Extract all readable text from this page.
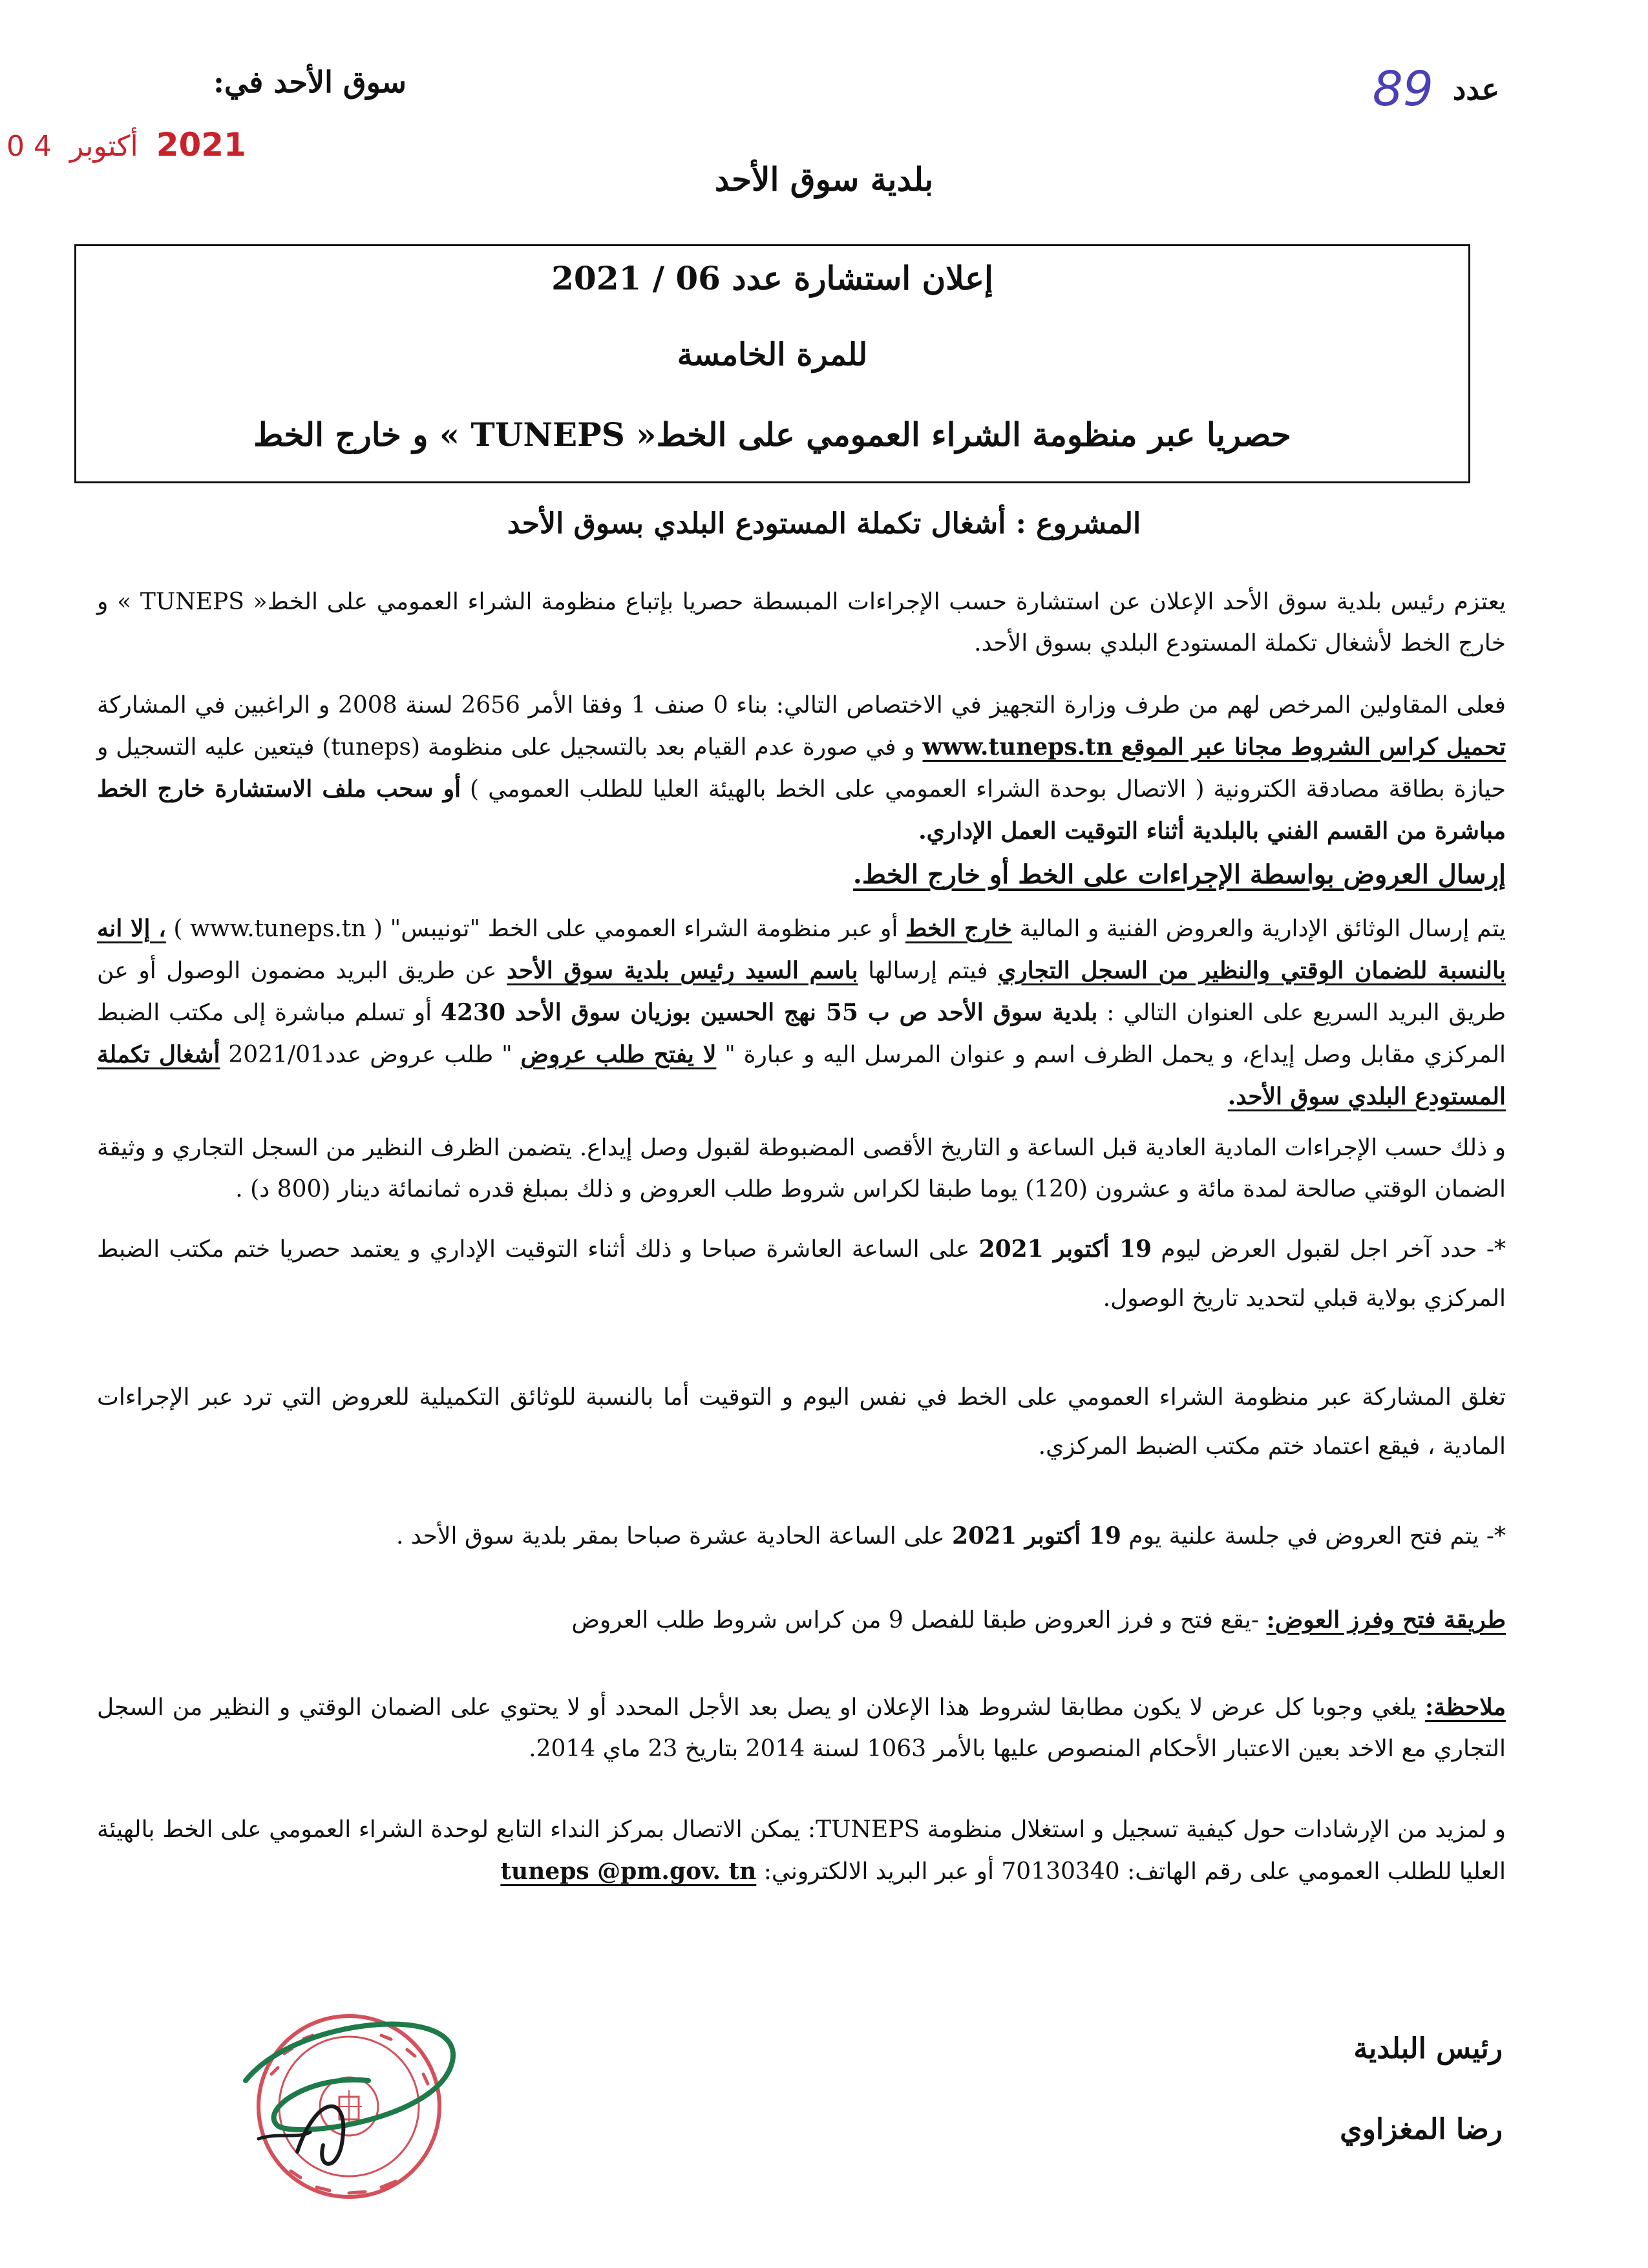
عدد
89
سوق الأحد في:
2021
أكتوبر
0 4
بلدية سوق الأحد
إعلان استشارة عدد 06 / 2021
للمرة الخامسة
حصريا عبر منظومة الشراء العمومي على الخط« TUNEPS » و خارج الخط
المشروع : أشغال تكملة المستودع البلدي بسوق الأحد
يعتزم رئيس بلدية سوق الأحد الإعلان عن استشارة حسب الإجراءات المبسطة حصريا بإتباع منظومة الشراء العمومي على الخط« TUNEPS » و خارج الخط لأشغال تكملة المستودع البلدي بسوق الأحد.
فعلى المقاولين المرخص لهم من طرف وزارة التجهيز في الاختصاص التالي: بناء 0 صنف 1 وفقا الأمر 2656 لسنة 2008 و الراغبين في المشاركة تحميل كراس الشروط مجانا عبر الموقع www.tuneps.tn و في صورة عدم القيام بعد بالتسجيل على منظومة (tuneps) فيتعين عليه التسجيل و حيازة بطاقة مصادقة الكترونية ( الاتصال بوحدة الشراء العمومي على الخط بالهيئة العليا للطلب العمومي ) أو سحب ملف الاستشارة خارج الخط مباشرة من القسم الفني بالبلدية أثناء التوقيت العمل الإداري.
إرسال العروض بواسطة الإجراءات على الخط أو خارج الخط.
يتم إرسال الوثائق الإدارية والعروض الفنية و المالية خارج الخط أو عبر منظومة الشراء العمومي على الخط "تونيبس" ( www.tuneps.tn ) ، إلا انه بالنسبة للضمان الوقتي والنظير من السجل التجاري فيتم إرسالها باسم السيد رئيس بلدية سوق الأحد عن طريق البريد مضمون الوصول أو عن طريق البريد السريع على العنوان التالي : بلدية سوق الأحد ص ب 55 نهج الحسين بوزيان سوق الأحد 4230 أو تسلم مباشرة إلى مكتب الضبط المركزي مقابل وصل إيداع، و يحمل الظرف اسم و عنوان المرسل اليه و عبارة " لا يفتح طلب عروض " طلب عروض عدد2021/01 أشغال تكملة المستودع البلدي سوق الأحد.
و ذلك حسب الإجراءات المادية العادية قبل الساعة و التاريخ الأقصى المضبوطة لقبول وصل إيداع. يتضمن الظرف النظير من السجل التجاري و وثيقة الضمان الوقتي صالحة لمدة مائة و عشرون (120) يوما طبقا لكراس شروط طلب العروض و ذلك بمبلغ قدره ثمانمائة دينار (800 د) .
*- حدد آخر اجل لقبول العرض ليوم 19 أكتوبر 2021 على الساعة العاشرة صباحا و ذلك أثناء التوقيت الإداري و يعتمد حصريا ختم مكتب الضبط المركزي بولاية قبلي لتحديد تاريخ الوصول.
تغلق المشاركة عبر منظومة الشراء العمومي على الخط في نفس اليوم و التوقيت أما بالنسبة للوثائق التكميلية للعروض التي ترد عبر الإجراءات المادية ، فيقع اعتماد ختم مكتب الضبط المركزي.
*- يتم فتح العروض في جلسة علنية يوم 19 أكتوبر 2021 على الساعة الحادية عشرة صباحا بمقر بلدية سوق الأحد .
طريقة فتح وفرز العوض: -يقع فتح و فرز العروض طبقا للفصل 9 من كراس شروط طلب العروض
ملاحظة: يلغي وجوبا كل عرض لا يكون مطابقا لشروط هذا الإعلان او يصل بعد الأجل المحدد أو لا يحتوي على الضمان الوقتي و النظير من السجل التجاري مع الاخد بعين الاعتبار الأحكام المنصوص عليها بالأمر 1063 لسنة 2014 بتاريخ 23 ماي 2014.
و لمزيد من الإرشادات حول كيفية تسجيل و استغلال منظومة TUNEPS: يمكن الاتصال بمركز النداء التابع لوحدة الشراء العمومي على الخط بالهيئة العليا للطلب العمومي على رقم الهاتف: 70130340 أو عبر البريد الالكتروني: tuneps @pm.gov. tn
رئيس البلدية
رضا المغزاوي
